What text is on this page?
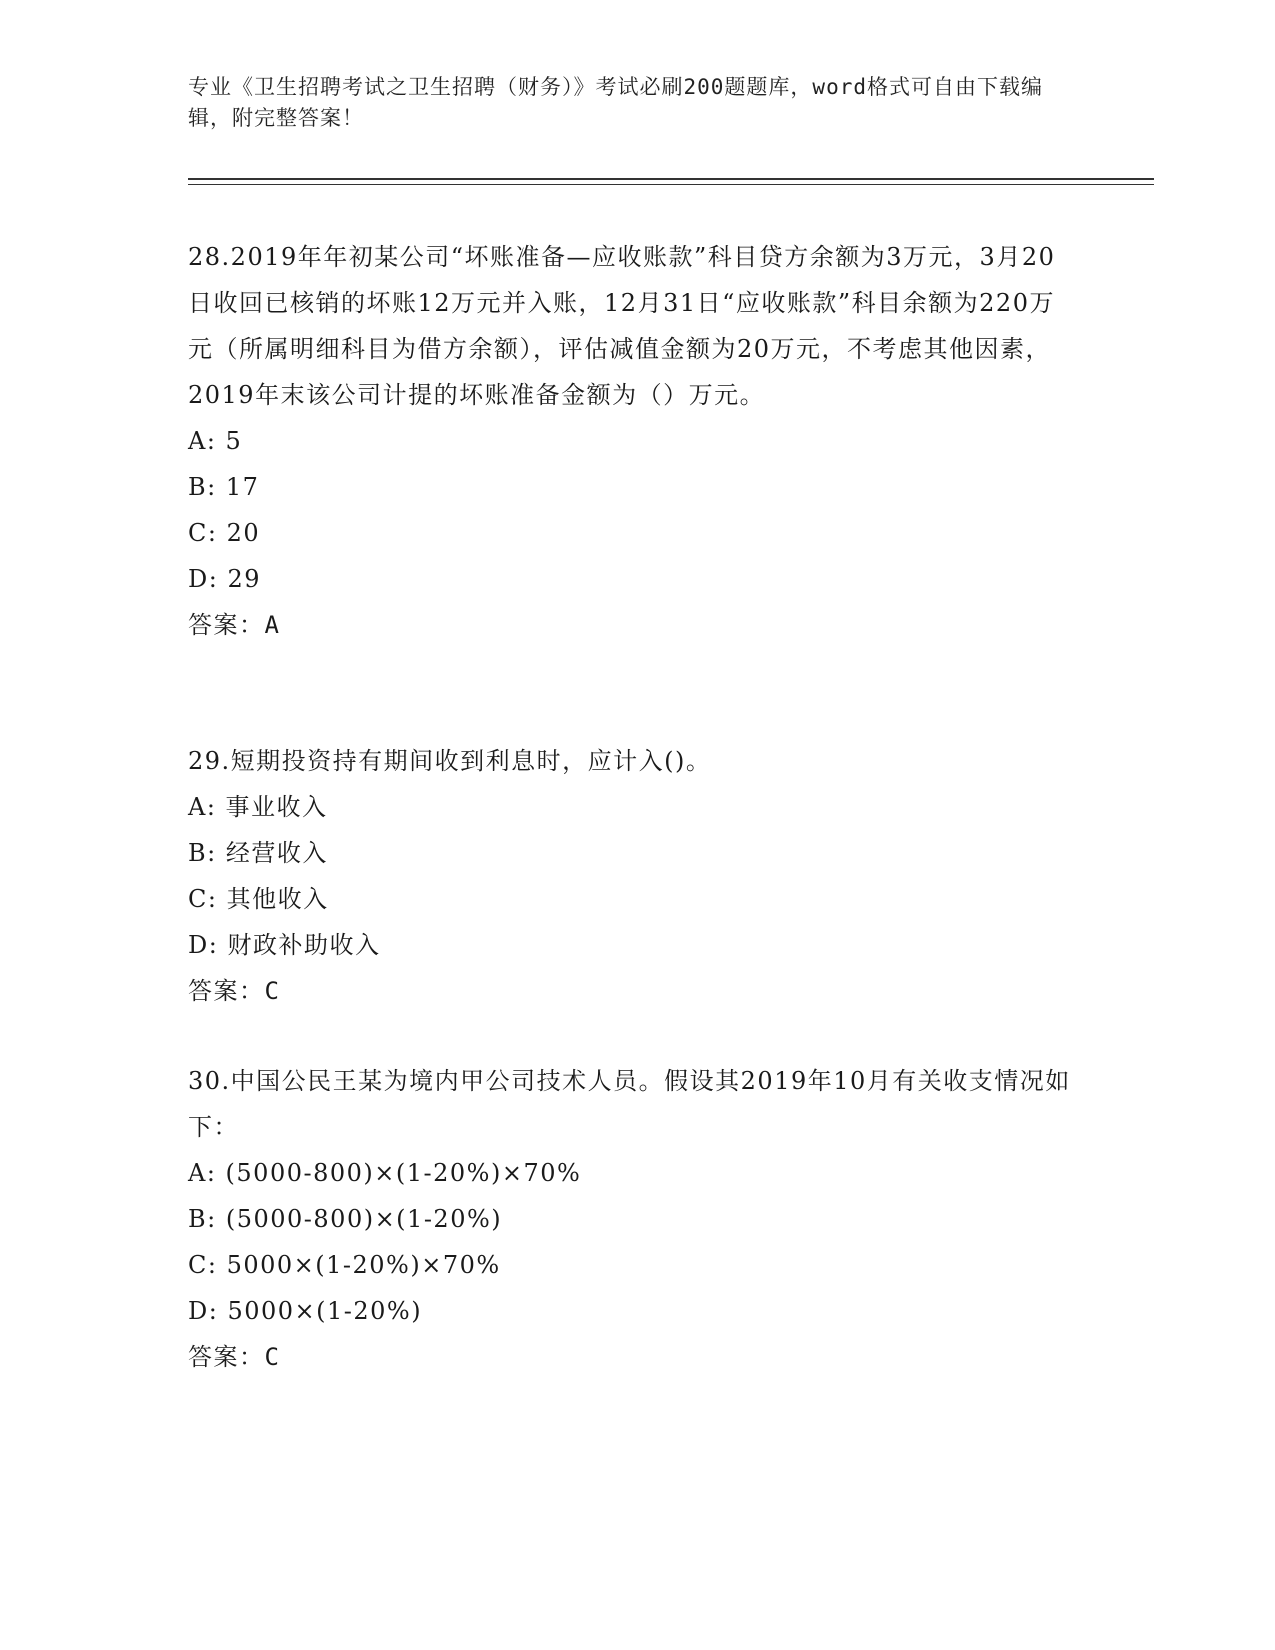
专业《卫生招聘考试之卫生招聘（财务）》考试必刷200题题库，word格式可自由下载编辑，附完整答案！

28.2019年年初某公司“坏账准备—应收账款”科目贷方余额为3万元，3月20日收回已核销的坏账12万元并入账，12月31日“应收账款”科目余额为220万元（所属明细科目为借方余额），评估减值金额为20万元，不考虑其他因素，2019年末该公司计提的坏账准备金额为（）万元。

A: 5

B: 17

C: 20

D: 29

答案：A

29.短期投资持有期间收到利息时，应计入()。

A: 事业收入

B: 经营收入

C: 其他收入

D: 财政补助收入

答案：C

30.中国公民王某为境内甲公司技术人员。假设其2019年10月有关收支情况如下：

A: (5000-800)×(1-20%)×70%

B: (5000-800)×(1-20%)

C: 5000×(1-20%)×70%

D: 5000×(1-20%)

答案：C
